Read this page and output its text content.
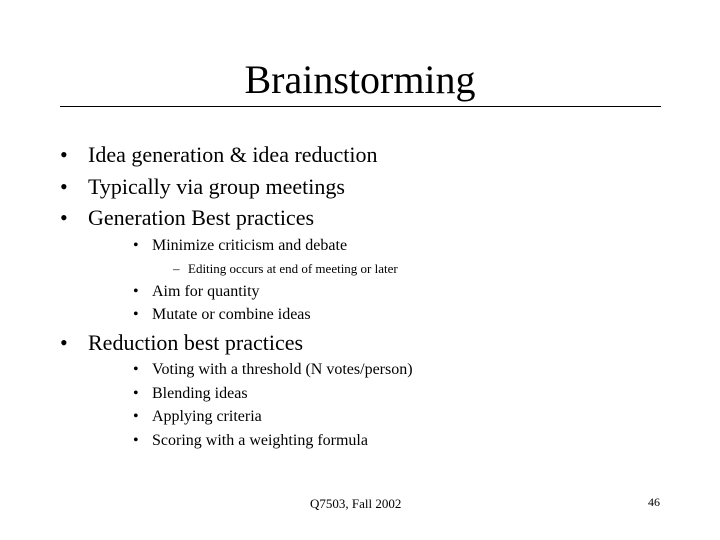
Brainstorming
• Idea generation & idea reduction
• Typically via group meetings
• Generation Best practices
• Minimize criticism and debate
– Editing occurs at end of meeting or later
• Aim for quantity
• Mutate or combine ideas
• Reduction best practices
• Voting with a threshold (N votes/person)
• Blending ideas
• Applying criteria
• Scoring with a weighting formula
Q7503, Fall 2002	46
